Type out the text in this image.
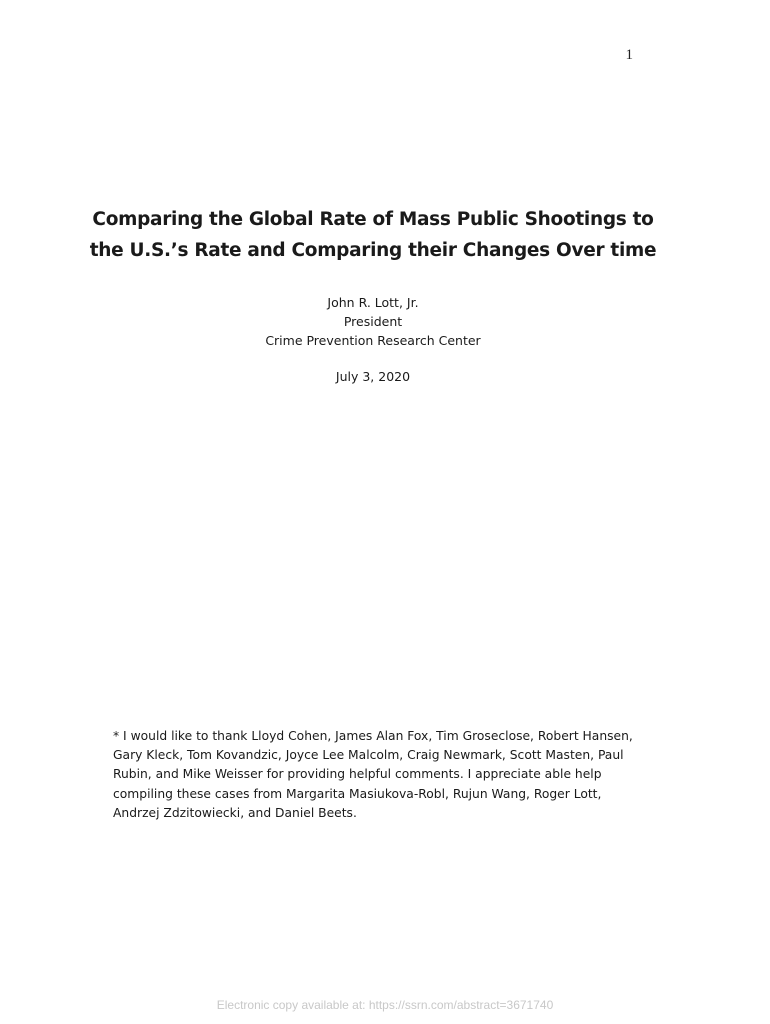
1
Comparing the Global Rate of Mass Public Shootings to
the U.S.’s Rate and Comparing their Changes Over time
John R. Lott, Jr.
President
Crime Prevention Research Center
July 3, 2020
* I would like to thank Lloyd Cohen, James Alan Fox, Tim Groseclose, Robert Hansen,
Gary Kleck, Tom Kovandzic, Joyce Lee Malcolm, Craig Newmark, Scott Masten, Paul
Rubin, and Mike Weisser for providing helpful comments. I appreciate able help
compiling these cases from Margarita Masiukova-Robl, Rujun Wang, Roger Lott,
Andrzej Zdzitowiecki, and Daniel Beets.
Electronic copy available at: https://ssrn.com/abstract=3671740
